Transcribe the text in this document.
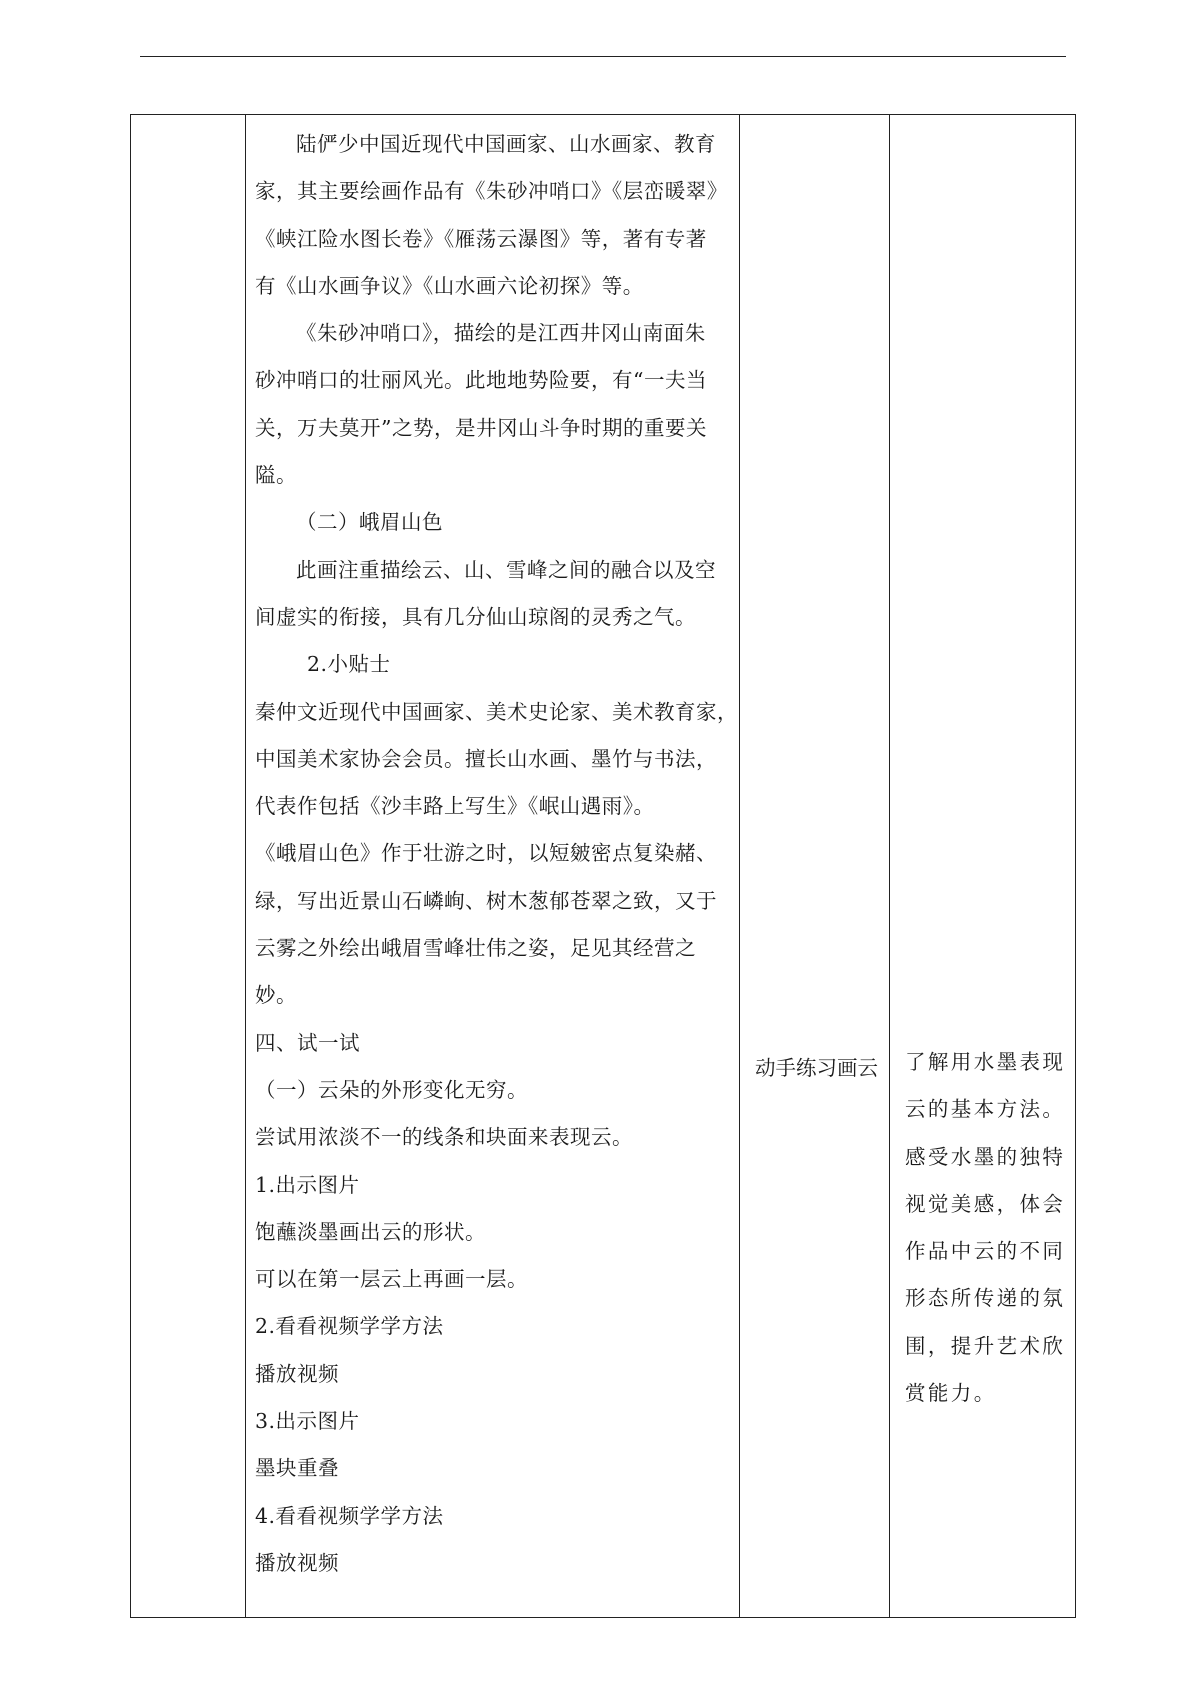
陆俨少中国近现代中国画家、山水画家、教育
家，其主要绘画作品有《朱砂冲哨口》《层峦暖翠》
《峡江险水图长卷》《雁荡云瀑图》等，著有专著
有《山水画争议》《山水画六论初探》等。
《朱砂冲哨口》，描绘的是江西井冈山南面朱
砂冲哨口的壮丽风光。此地地势险要，有“一夫当
关，万夫莫开”之势，是井冈山斗争时期的重要关
隘。
（二）峨眉山色
此画注重描绘云、山、雪峰之间的融合以及空
间虚实的衔接，具有几分仙山琼阁的灵秀之气。
2.小贴士
秦仲文近现代中国画家、美术史论家、美术教育家，
中国美术家协会会员。擅长山水画、墨竹与书法，
代表作包括《沙丰路上写生》《岷山遇雨》。
《峨眉山色》作于壮游之时，以短皴密点复染赭、
绿，写出近景山石嶙峋、树木葱郁苍翠之致，又于
云雾之外绘出峨眉雪峰壮伟之姿，足见其经营之
妙。
四、试一试
（一）云朵的外形变化无穷。
尝试用浓淡不一的线条和块面来表现云。
1.出示图片
饱蘸淡墨画出云的形状。
可以在第一层云上再画一层。
2.看看视频学学方法
播放视频
3.出示图片
墨块重叠
4.看看视频学学方法
播放视频
动手练习画云	了解用水墨表现
云的基本方法。
感受水墨的独特
视觉美感，体会
作品中云的不同
形态所传递的氛
围，提升艺术欣
赏能力。
